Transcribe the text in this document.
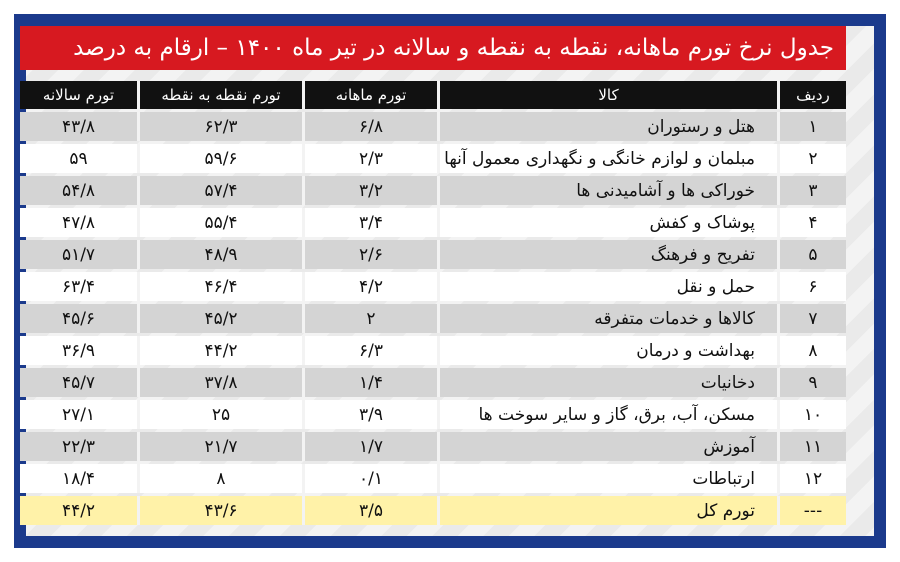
جدول نرخ تورم ماهانه، نقطه به نقطه و سالانه در تیر ماه ۱۴۰۰ – ارقام به درصد
ردیف	کالا	تورم ماهانه	تورم نقطه به نقطه	تورم سالانه
۱	هتل و رستوران	۶/۸	۶۲/۳	۴۳/۸
۲	مبلمان و لوازم خانگی و نگهداری معمول آنها	۲/۳	۵۹/۶	۵۹
۳	خوراکی ها و آشامیدنی ها	۳/۲	۵۷/۴	۵۴/۸
۴	پوشاک و کفش	۳/۴	۵۵/۴	۴۷/۸
۵	تفریح و فرهنگ	۲/۶	۴۸/۹	۵۱/۷
۶	حمل و نقل	۴/۲	۴۶/۴	۶۳/۴
۷	کالاها و خدمات متفرقه	۲	۴۵/۲	۴۵/۶
۸	بهداشت و درمان	۶/۳	۴۴/۲	۳۶/۹
۹	دخانیات	۱/۴	۳۷/۸	۴۵/۷
۱۰	مسکن، آب، برق، گاز و سایر سوخت ها	۳/۹	۲۵	۲۷/۱
۱۱	آموزش	۱/۷	۲۱/۷	۲۲/۳
۱۲	ارتباطات	۰/۱	۸	۱۸/۴
---	تورم کل	۳/۵	۴۳/۶	۴۴/۲
